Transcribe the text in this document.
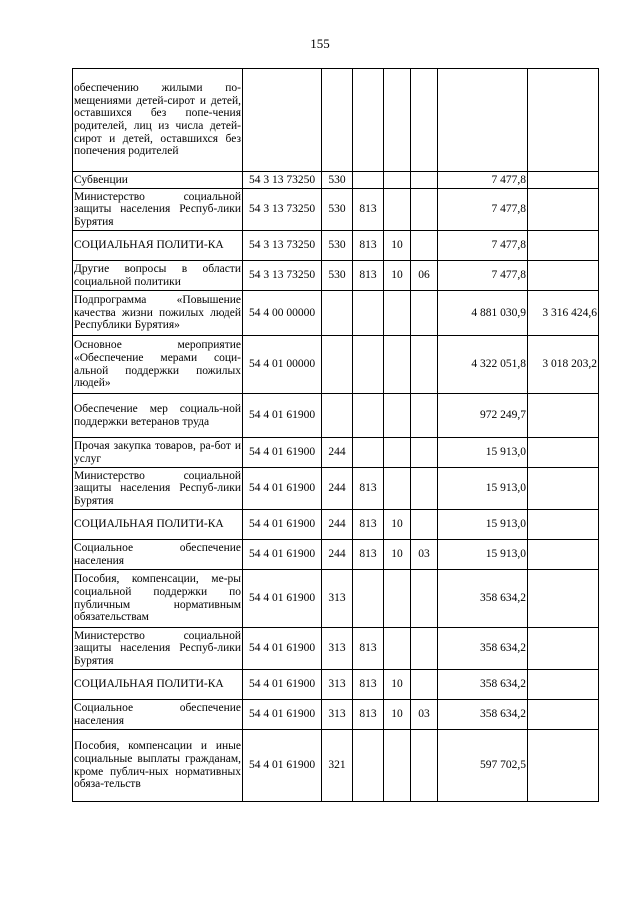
155
обеспечению жилыми по-мещениями детей-сирот и детей, оставшихся без попе-чения родителей, лиц из числа детей-сирот и детей, оставшихся без попечения родителей							
Субвенции	54 3 13 73250	530				7 477,8	
Министерство социальной защиты населения Респуб-лики Бурятия	54 3 13 73250	530	813			7 477,8	
СОЦИАЛЬНАЯ ПОЛИТИ-КА	54 3 13 73250	530	813	10		7 477,8	
Другие вопросы в области социальной политики	54 3 13 73250	530	813	10	06	7 477,8	
Подпрограмма «Повышение качества жизни пожилых людей Республики Бурятия»	54 4 00 00000					4 881 030,9	3 316 424,6
Основное мероприятие «Обеспечение мерами соци-альной поддержки пожилых людей»	54 4 01 00000					4 322 051,8	3 018 203,2
Обеспечение мер социаль-ной поддержки ветеранов труда	54 4 01 61900					972 249,7	
Прочая закупка товаров, ра-бот и услуг	54 4 01 61900	244				15 913,0	
Министерство социальной защиты населения Респуб-лики Бурятия	54 4 01 61900	244	813			15 913,0	
СОЦИАЛЬНАЯ ПОЛИТИ-КА	54 4 01 61900	244	813	10		15 913,0	
Социальное обеспечение населения	54 4 01 61900	244	813	10	03	15 913,0	
Пособия, компенсации, ме-ры социальной поддержки по публичным нормативным обязательствам	54 4 01 61900	313				358 634,2	
Министерство социальной защиты населения Респуб-лики Бурятия	54 4 01 61900	313	813			358 634,2	
СОЦИАЛЬНАЯ ПОЛИТИ-КА	54 4 01 61900	313	813	10		358 634,2	
Социальное обеспечение населения	54 4 01 61900	313	813	10	03	358 634,2	
Пособия, компенсации и иные социальные выплаты гражданам, кроме публич-ных нормативных обяза-тельств	54 4 01 61900	321				597 702,5	
